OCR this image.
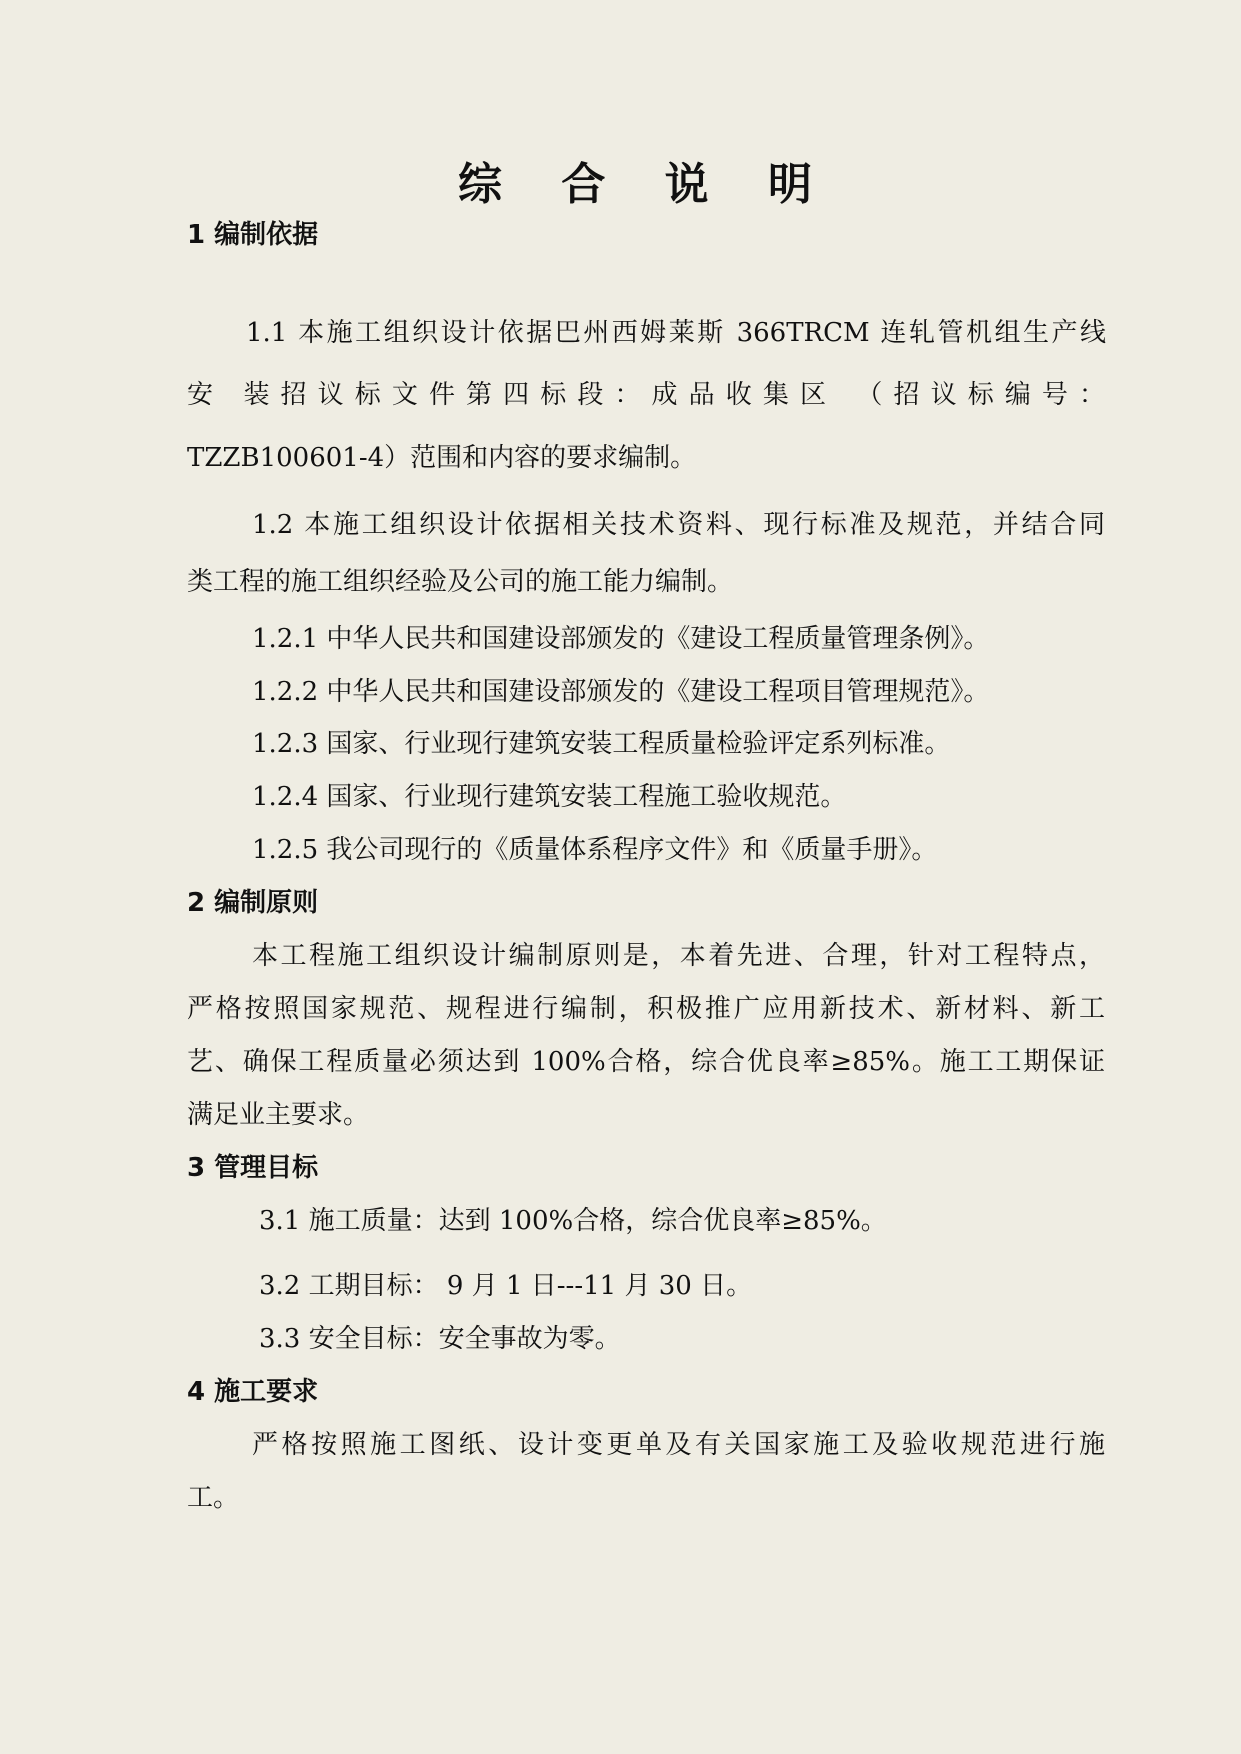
综 合 说 明
1 编制依据
1.1 本施工组织设计依据巴州西姆莱斯 366TRCM 连轧管机组生产线
安 装招议标文件第四标段：成品收集区 （招议标编号：
TZZB100601-4）范围和内容的要求编制。
1.2 本施工组织设计依据相关技术资料、现行标准及规范，并结合同
类工程的施工组织经验及公司的施工能力编制。
1.2.1 中华人民共和国建设部颁发的《建设工程质量管理条例》。
1.2.2 中华人民共和国建设部颁发的《建设工程项目管理规范》。
1.2.3 国家、行业现行建筑安装工程质量检验评定系列标准。
1.2.4 国家、行业现行建筑安装工程施工验收规范。
1.2.5 我公司现行的《质量体系程序文件》和《质量手册》。
2 编制原则
本工程施工组织设计编制原则是，本着先进、合理，针对工程特点，
严格按照国家规范、规程进行编制，积极推广应用新技术、新材料、新工
艺、确保工程质量必须达到 100%合格，综合优良率≥85%。施工工期保证
满足业主要求。
3 管理目标
3.1 施工质量：达到 100%合格，综合优良率≥85%。
3.2 工期目标： 9 月 1 日---11 月 30 日。
3.3 安全目标：安全事故为零。
4 施工要求
严格按照施工图纸、设计变更单及有关国家施工及验收规范进行施
工。
